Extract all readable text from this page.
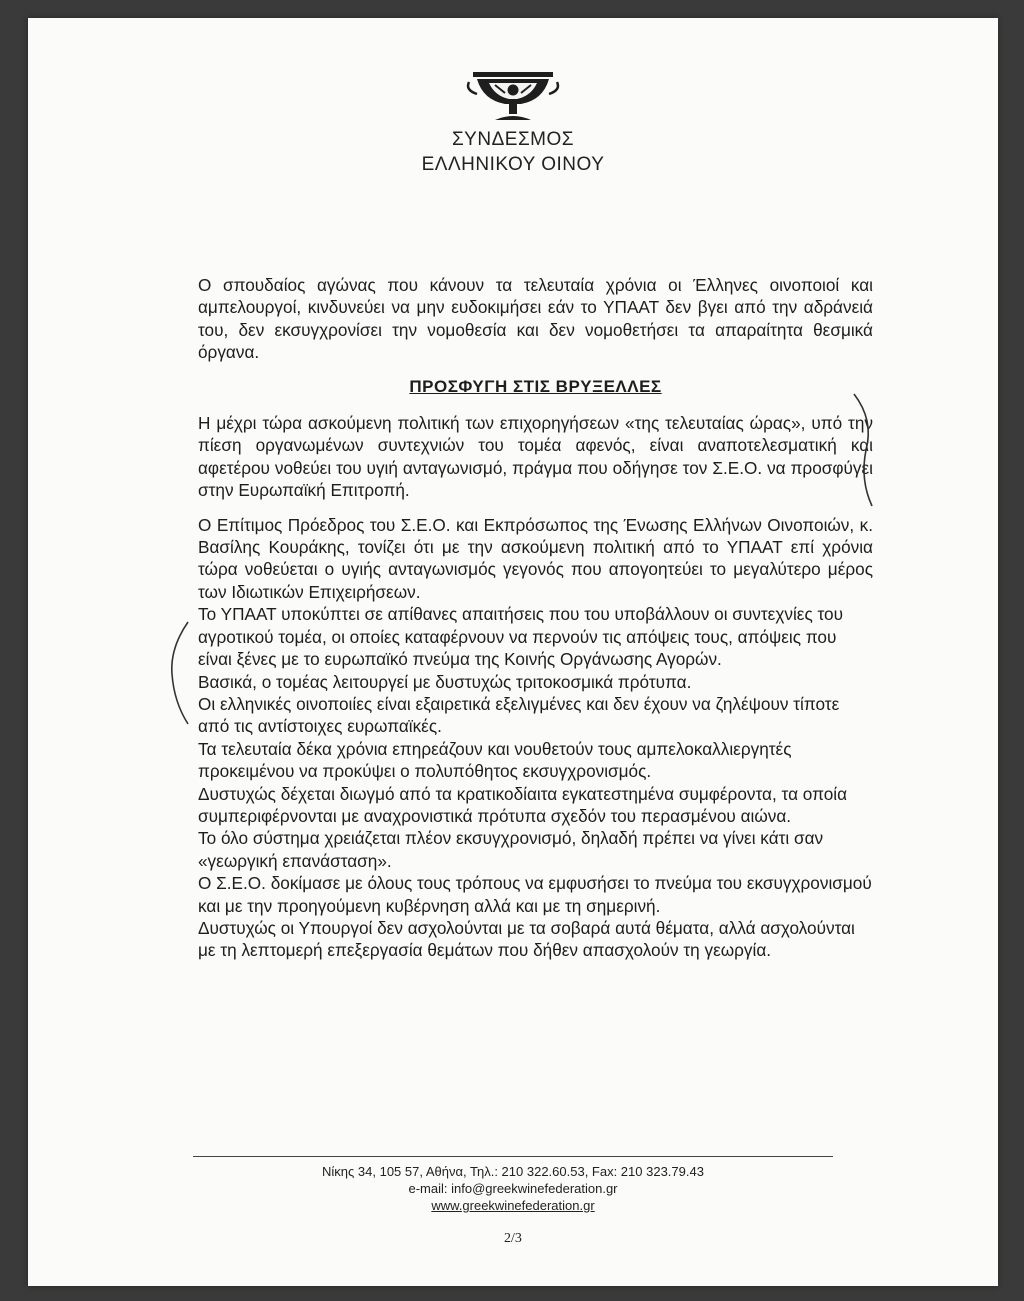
ΣΥΝΔΕΣΜΟΣ
ΕΛΛΗΝΙΚΟΥ ΟΙΝΟΥ

Ο σπουδαίος αγώνας που κάνουν τα τελευταία χρόνια οι Έλληνες οινοποιοί και αμπελουργοί, κινδυνεύει να μην ευδοκιμήσει εάν το ΥΠΑΑΤ δεν βγει από την αδράνειά του, δεν εκσυγχρονίσει την νομοθεσία και δεν νομοθετήσει τα απαραίτητα θεσμικά όργανα.

ΠΡΟΣΦΥΓΗ ΣΤΙΣ ΒΡΥΞΕΛΛΕΣ

Η μέχρι τώρα ασκούμενη πολιτική των επιχορηγήσεων «της τελευταίας ώρας», υπό την πίεση οργανωμένων συντεχνιών του τομέα αφενός, είναι αναποτελεσματική και αφετέρου νοθεύει του υγιή ανταγωνισμό, πράγμα που οδήγησε τον Σ.Ε.Ο. να προσφύγει στην Ευρωπαϊκή Επιτροπή.

Ο Επίτιμος Πρόεδρος του Σ.Ε.Ο. και Εκπρόσωπος της Ένωσης Ελλήνων Οινοποιών, κ. Βασίλης Κουράκης, τονίζει ότι με την ασκούμενη πολιτική από το ΥΠΑΑΤ επί χρόνια τώρα νοθεύεται ο υγιής ανταγωνισμός γεγονός που απογοητεύει το μεγαλύτερο μέρος των Ιδιωτικών Επιχειρήσεων.

Το ΥΠΑΑΤ υποκύπτει σε απίθανες απαιτήσεις που του υποβάλλουν οι συντεχνίες του αγροτικού τομέα, οι οποίες καταφέρνουν να περνούν τις απόψεις τους, απόψεις που είναι ξένες με το ευρωπαϊκό πνεύμα της Κοινής Οργάνωσης Αγορών.
Βασικά, ο τομέας λειτουργεί με δυστυχώς τριτοκοσμικά πρότυπα.
Οι ελληνικές οινοποιίες είναι εξαιρετικά εξελιγμένες και δεν έχουν να ζηλέψουν τίποτε από τις αντίστοιχες ευρωπαϊκές.
Τα τελευταία δέκα χρόνια επηρεάζουν και νουθετούν τους αμπελοκαλλιεργητές προκειμένου να προκύψει ο πολυπόθητος εκσυγχρονισμός.
Δυστυχώς δέχεται διωγμό από τα κρατικοδίαιτα εγκατεστημένα συμφέροντα, τα οποία συμπεριφέρνονται με αναχρονιστικά πρότυπα σχεδόν του περασμένου αιώνα.
Το όλο σύστημα χρειάζεται πλέον εκσυγχρονισμό, δηλαδή πρέπει να γίνει κάτι σαν «γεωργική επανάσταση».
Ο Σ.Ε.Ο. δοκίμασε με όλους τους τρόπους να εμφυσήσει το πνεύμα του εκσυγχρονισμού και με την προηγούμενη κυβέρνηση αλλά και με τη σημερινή.
Δυστυχώς οι Υπουργοί δεν ασχολούνται με τα σοβαρά αυτά θέματα, αλλά ασχολούνται με τη λεπτομερή επεξεργασία θεμάτων που δήθεν απασχολούν τη γεωργία.
Νίκης 34, 105 57, Αθήνα, Τηλ.: 210 322.60.53, Fax: 210 323.79.43
e-mail: info@greekwinefederation.gr
www.greekwinefederation.gr
2/3
